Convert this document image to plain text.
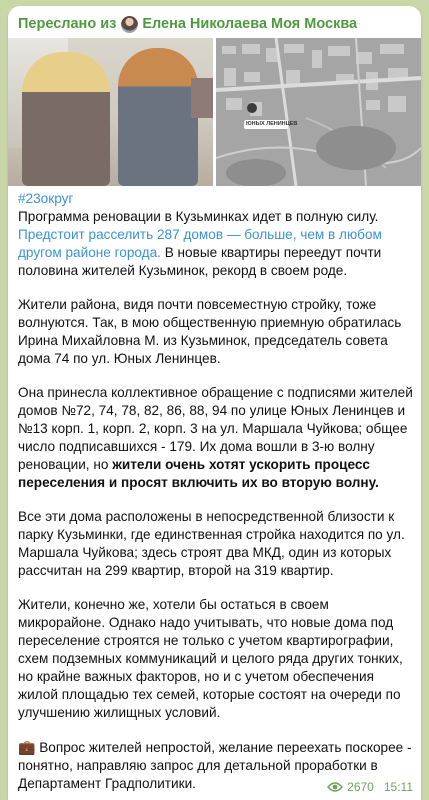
Переслано из Елена Николаева Моя Москва
ЮНЫХ ЛЕНИНЦЕВ

#23округ
Программа реновации в Кузьминках идет в полную силу. Предстоит расселить 287 домов — больше, чем в любом другом районе города. В новые квартиры переедут почти половина жителей Кузьминок, рекорд в своем роде.

Жители района, видя почти повсеместную стройку, тоже волнуются. Так, в мою общественную приемную обратилась Ирина Михайловна М. из Кузьминок, председатель совета дома 74 по ул. Юных Ленинцев.

Она принесла коллективное обращение с подписями жителей домов №72, 74, 78, 82, 86, 88, 94 по улице Юных Ленинцев и №13 корп. 1, корп. 2, корп. 3 на ул. Маршала Чуйкова; общее число подписавшихся - 179. Их дома вошли в 3-ю волну реновации, но жители очень хотят ускорить процесс переселения и просят включить их во вторую волну.

Все эти дома расположены в непосредственной близости к парку Кузьминки, где единственная стройка находится по ул. Маршала Чуйкова; здесь строят два МКД, один из которых рассчитан на 299 квартир, второй на 319 квартир.

Жители, конечно же, хотели бы остаться в своем микрорайоне. Однако надо учитывать, что новые дома под переселение строятся не только с учетом квартирографии, схем подземных коммуникаций и целого ряда других тонких, но крайне важных факторов, но и с учетом обеспечения жилой площадью тех семей, которые состоят на очереди по улучшению жилищных условий.

💼 Вопрос жителей непростой, желание переехать поскорее - понятно, направляю запрос для детальной проработки в Департамент Градполитики.	2670 15:11
